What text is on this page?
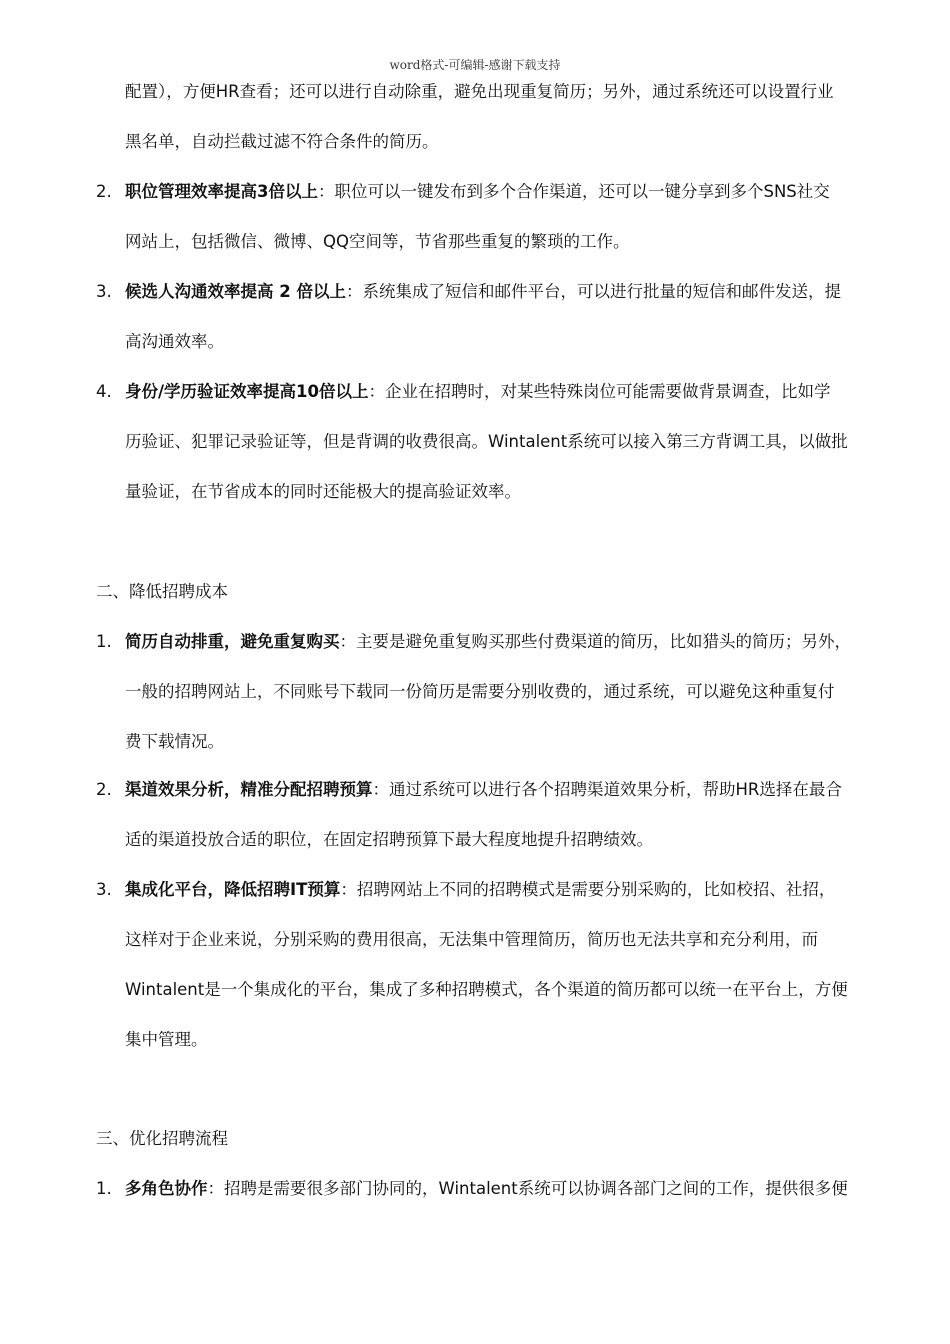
word格式-可编辑-感谢下载支持
配置），方便HR查看；还可以进行自动除重，避免出现重复简历；另外，通过系统还可以设置行业
黑名单，自动拦截过滤不符合条件的简历。
2. 职位管理效率提高3倍以上：职位可以一键发布到多个合作渠道，还可以一键分享到多个SNS社交
网站上，包括微信、微博、QQ空间等，节省那些重复的繁琐的工作。
3. 候选人沟通效率提高 2 倍以上：系统集成了短信和邮件平台，可以进行批量的短信和邮件发送，提
高沟通效率。
4. 身份/学历验证效率提高10倍以上：企业在招聘时，对某些特殊岗位可能需要做背景调查，比如学
历验证、犯罪记录验证等，但是背调的收费很高。Wintalent系统可以接入第三方背调工具，以做批
量验证，在节省成本的同时还能极大的提高验证效率。
二、降低招聘成本
1. 简历自动排重，避免重复购买：主要是避免重复购买那些付费渠道的简历，比如猎头的简历；另外，
一般的招聘网站上，不同账号下载同一份简历是需要分别收费的，通过系统，可以避免这种重复付
费下载情况。
2. 渠道效果分析，精准分配招聘预算：通过系统可以进行各个招聘渠道效果分析，帮助HR选择在最合
适的渠道投放合适的职位，在固定招聘预算下最大程度地提升招聘绩效。
3. 集成化平台，降低招聘IT预算：招聘网站上不同的招聘模式是需要分别采购的，比如校招、社招，
这样对于企业来说，分别采购的费用很高，无法集中管理简历，简历也无法共享和充分利用，而
Wintalent是一个集成化的平台，集成了多种招聘模式，各个渠道的简历都可以统一在平台上，方便
集中管理。
三、优化招聘流程
1. 多角色协作：招聘是需要很多部门协同的，Wintalent系统可以协调各部门之间的工作，提供很多便
